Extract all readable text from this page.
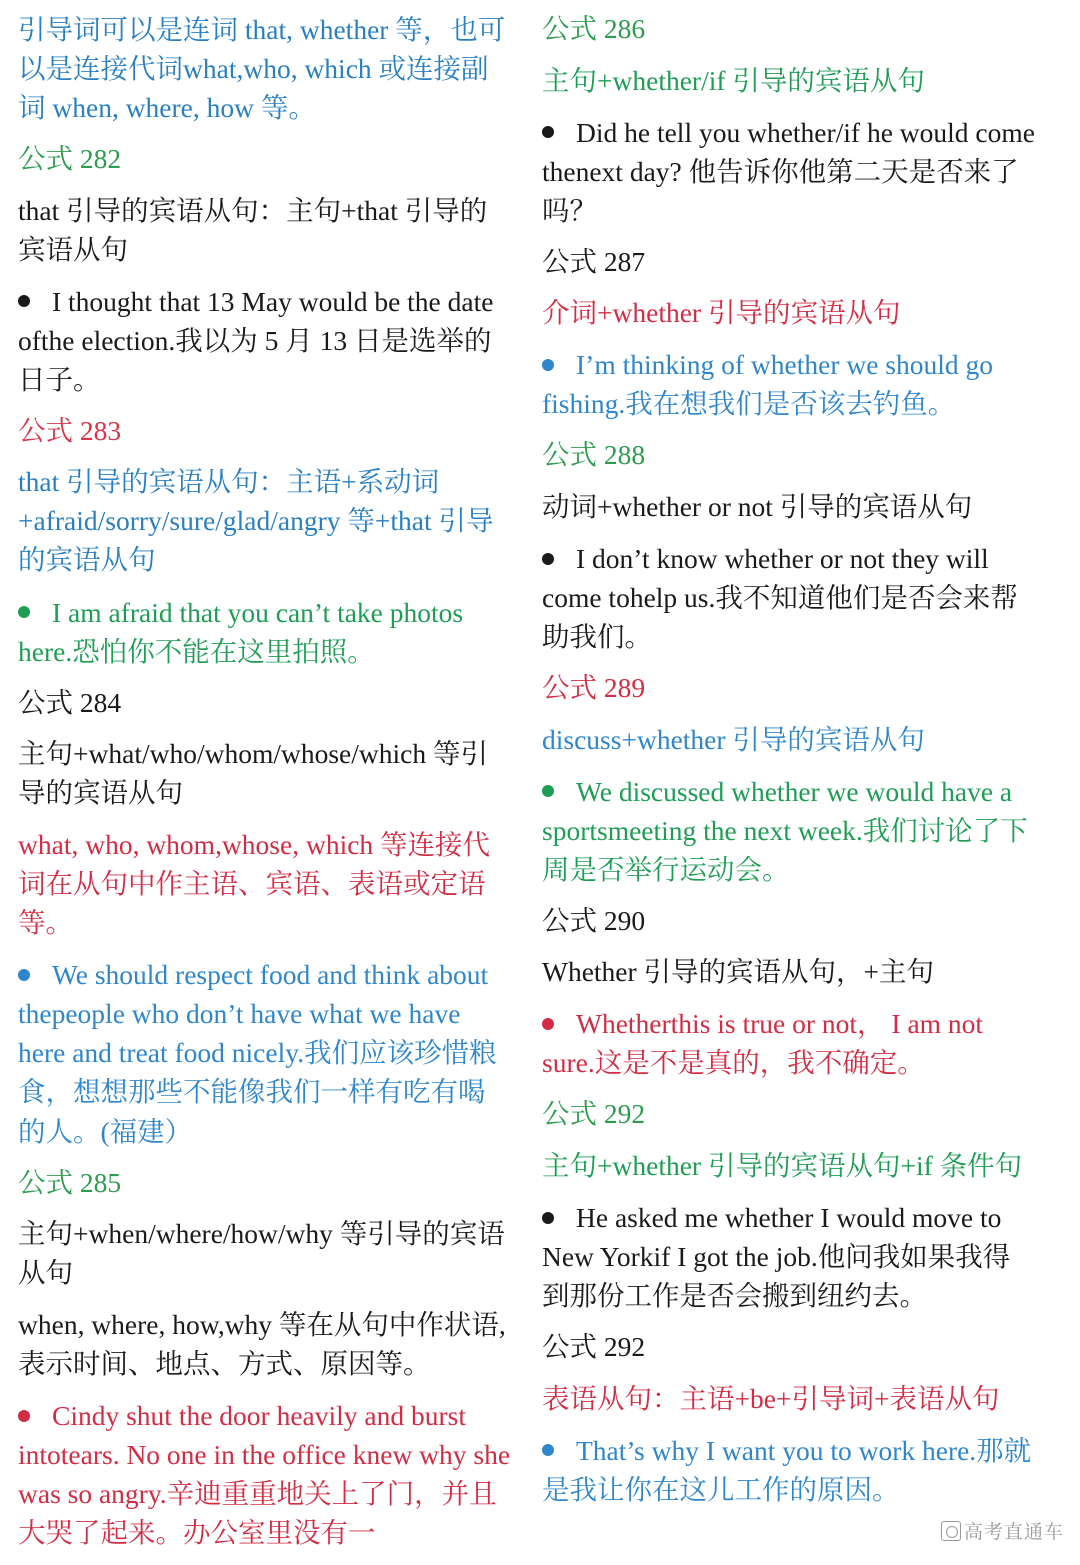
引导词可以是连词 that, whether 等，也可以是连接代词what,who, which 或连接副词 when, where, how 等。

公式 282

that 引导的宾语从句：主句+that 引导的宾语从句

I thought that 13 May would be the date ofthe election.我以为 5 月 13 日是选举的日子。

公式 283

that 引导的宾语从句：主语+系动词+afraid/sorry/sure/glad/angry 等+that 引导的宾语从句

I am afraid that you can’t take photos here.恐怕你不能在这里拍照。

公式 284

主句+what/who/whom/whose/which 等引导的宾语从句

what, who, whom,whose, which 等连接代词在从句中作主语、宾语、表语或定语等。

We should respect food and think about thepeople who don’t have what we have here and treat food nicely.我们应该珍惜粮食，想想那些不能像我们一样有吃有喝的人。(福建）

公式 285

主句+when/where/how/why 等引导的宾语从句

when, where, how,why 等在从句中作状语,表示时间、地点、方式、原因等。

Cindy shut the door heavily and burst intotears. No one in the office knew why she was so angry.辛迪重重地关上了门，并且大哭了起来。办公室里没有一

公式 286

主句+whether/if 引导的宾语从句

Did he tell you whether/if he would come thenext day? 他告诉你他第二天是否来了吗？

公式 287

介词+whether 引导的宾语从句

I’m thinking of whether we should go fishing.我在想我们是否该去钓鱼。

公式 288

动词+whether or not 引导的宾语从句

I don’t know whether or not they will come tohelp us.我不知道他们是否会来帮助我们。

公式 289

discuss+whether 引导的宾语从句

We discussed whether we would have a sportsmeeting the next week.我们讨论了下周是否举行运动会。

公式 290

Whether 引导的宾语从句，+主句

Whetherthis is true or not， I am not sure.这是不是真的，我不确定。

公式 292

主句+whether 引导的宾语从句+if 条件句

He asked me whether I would move to New Yorkif I got the job.他问我如果我得到那份工作是否会搬到纽约去。

公式 292

表语从句：主语+be+引导词+表语从句

That’s why I want you to work here.那就是我让你在这儿工作的原因。

高考直通车
